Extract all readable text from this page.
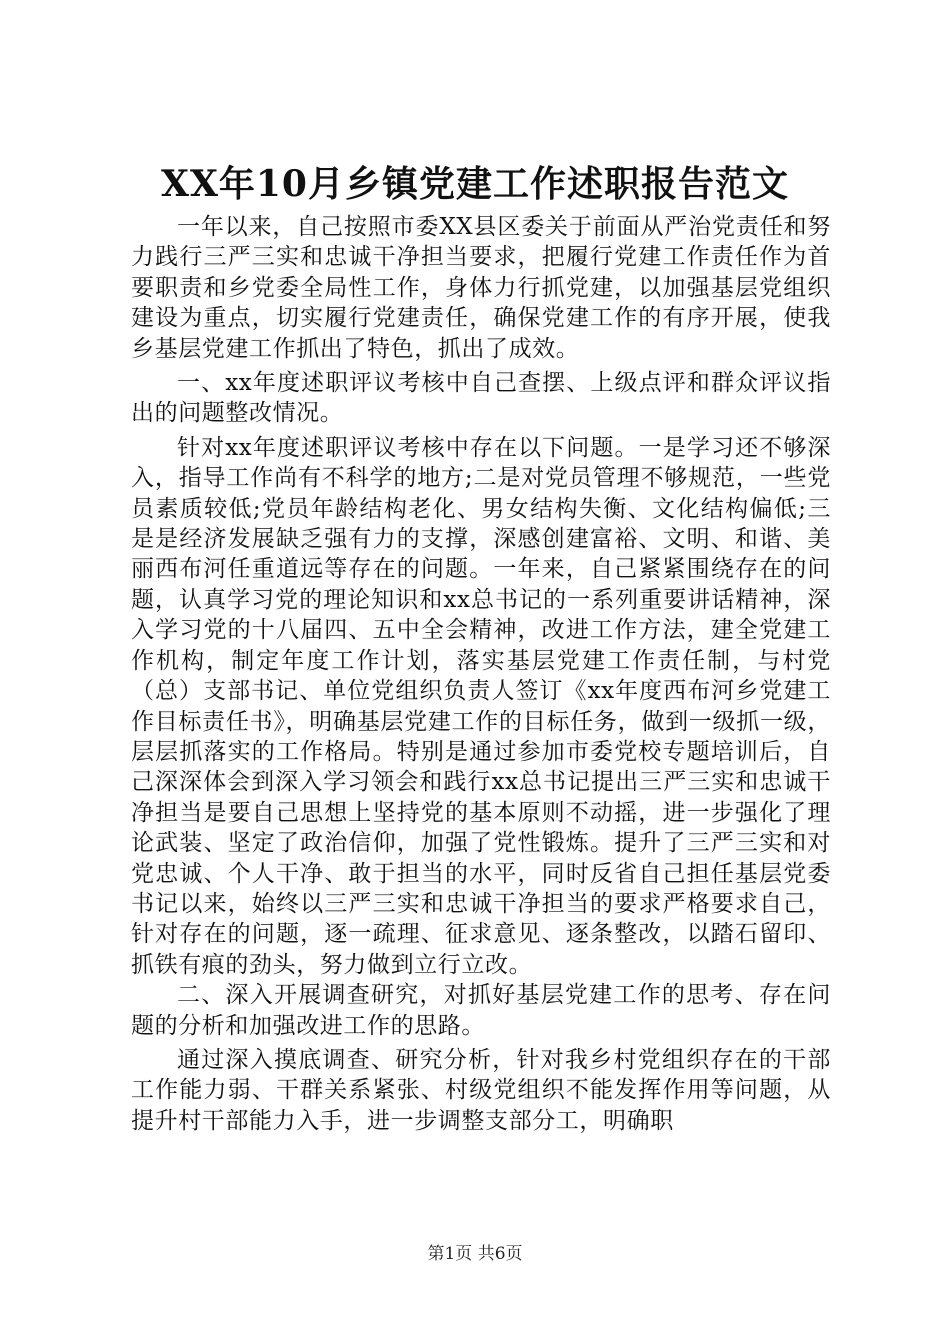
XX年10月乡镇党建工作述职报告范文

一年以来，自己按照市委XX县区委关于前面从严治党责任和努力践行三严三实和忠诚干净担当要求，把履行党建工作责任作为首要职责和乡党委全局性工作，身体力行抓党建，以加强基层党组织建设为重点，切实履行党建责任，确保党建工作的有序开展，使我乡基层党建工作抓出了特色，抓出了成效。

一、xx年度述职评议考核中自己查摆、上级点评和群众评议指出的问题整改情况。

针对xx年度述职评议考核中存在以下问题。一是学习还不够深入，指导工作尚有不科学的地方;二是对党员管理不够规范，一些党员素质较低;党员年龄结构老化、男女结构失衡、文化结构偏低;三是是经济发展缺乏强有力的支撑，深感创建富裕、文明、和谐、美丽西布河任重道远等存在的问题。一年来，自己紧紧围绕存在的问题，认真学习党的理论知识和xx总书记的一系列重要讲话精神，深入学习党的十八届四、五中全会精神，改进工作方法，建全党建工作机构，制定年度工作计划，落实基层党建工作责任制，与村党（总）支部书记、单位党组织负责人签订《xx年度西布河乡党建工作目标责任书》，明确基层党建工作的目标任务，做到一级抓一级，层层抓落实的工作格局。特别是通过参加市委党校专题培训后，自己深深体会到深入学习领会和践行xx总书记提出三严三实和忠诚干净担当是要自己思想上坚持党的基本原则不动摇，进一步强化了理论武装、坚定了政治信仰，加强了党性锻炼。提升了三严三实和对党忠诚、个人干净、敢于担当的水平，同时反省自己担任基层党委书记以来，始终以三严三实和忠诚干净担当的要求严格要求自己，针对存在的问题，逐一疏理、征求意见、逐条整改，以踏石留印、抓铁有痕的劲头，努力做到立行立改。

二、深入开展调查研究，对抓好基层党建工作的思考、存在问题的分析和加强改进工作的思路。

通过深入摸底调查、研究分析，针对我乡村党组织存在的干部工作能力弱、干群关系紧张、村级党组织不能发挥作用等问题，从提升村干部能力入手，进一步调整支部分工，明确职

第1页 共6页
